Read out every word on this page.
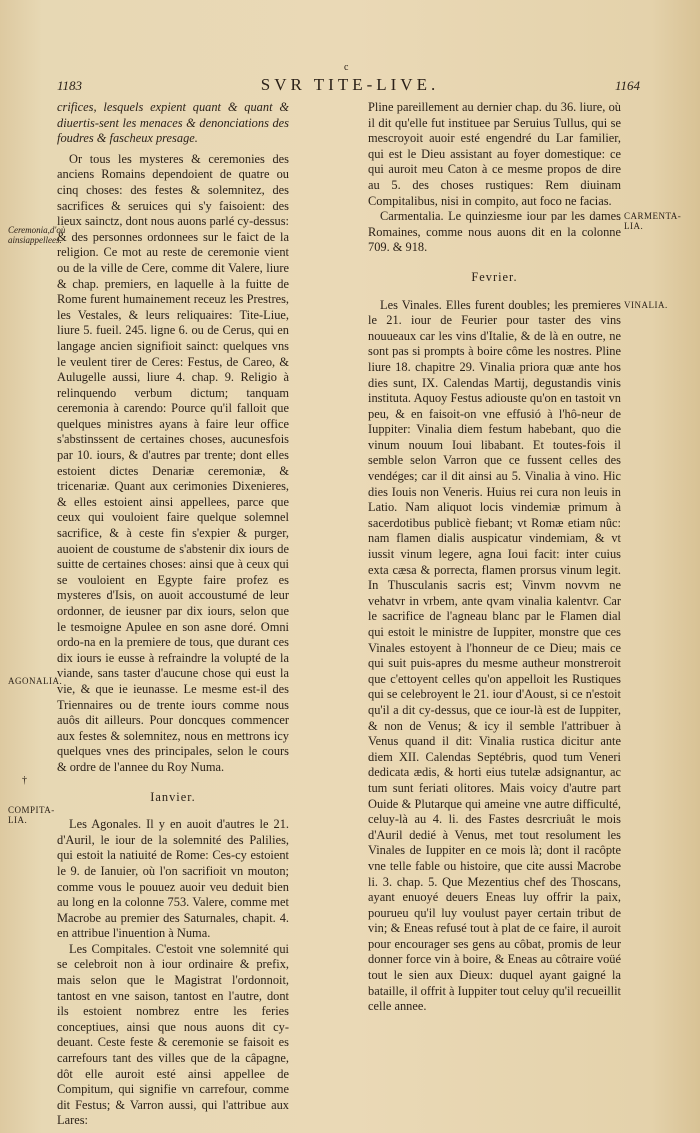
1183
c
SVR TITE-LIVE.	1164
Ceremonia,d'où ainsiappellees.
AGONALIA.
†
COMPITA-LIA.
CARMENTA-LIA.
VINALIA.

crifices, lesquels expient quant & quant & diuertis-sent les menaces & denonciations des foudres & fascheux presage.

Or tous les mysteres & ceremonies des anciens Romains dependoient de quatre ou cinq choses: des festes & solemnitez, des sacrifices & seruices qui s'y faisoient: des lieux sainctz, dont nous auons parlé cy-dessus: & des personnes ordonnees sur le faict de la religion. Ce mot au reste de ceremonie vient ou de la ville de Cere, comme dit Valere, liure & chap. premiers, en laquelle à la fuitte de Rome furent humainement receuz les Prestres, les Vestales, & leurs reliquaires: Tite-Liue, liure 5. fueil. 245. ligne 6. ou de Cerus, qui en langage ancien signifioit sainct: quelques vns le veulent tirer de Ceres: Festus, de Careo, & Aulugelle aussi, liure 4. chap. 9. Religio à relinquendo verbum dictum; tanquam ceremonia à carendo: Pource qu'il falloit que quelques ministres ayans à faire leur office s'abstinssent de certaines choses, aucunesfois par 10. iours, & d'autres par trente; dont elles estoient dictes Denariæ ceremoniæ, & tricenariæ. Quant aux cerimonies Dixenieres, & elles estoient ainsi appellees, parce que ceux qui vouloient faire quelque solemnel sacrifice, & à ceste fin s'expier & purger, auoient de coustume de s'abstenir dix iours de suitte de certaines choses: ainsi que à ceux qui se vouloient en Egypte faire profez es mysteres d'Isis, on auoit accoustumé de leur ordonner, de ieusner par dix iours, selon que le tesmoigne Apulee en son asne doré. Omni ordo-na en la premiere de tous, que durant ces dix iours ie eusse à refraindre la volupté de la viande, sans taster d'aucune chose qui eust la vie, & que ie ieunasse. Le mesme est-il des Triennaires ou de trente iours comme nous auôs dit ailleurs. Pour doncques commencer aux festes & solemnitez, nous en mettrons icy quelques vnes des principales, selon le cours & ordre de l'annee du Roy Numa.

Ianvier.

Les Agonales. Il y en auoit d'autres le 21. d'Auril, le iour de la solemnité des Palilies, qui estoit la natiuité de Rome: Ces-cy estoient le 9. de Ianuier, où l'on sacrifioit vn mouton; comme vous le pouuez auoir veu deduit bien au long en la colonne 753. Valere, comme met Macrobe au premier des Saturnales, chapit. 4. en attribue l'inuention à Numa.

Les Compitales. C'estoit vne solemnité qui se celebroit non à iour ordinaire & prefix, mais selon que le Magistrat l'ordonnoit, tantost en vne saison, tantost en l'autre, dont ils estoient nombrez entre les feries conceptiues, ainsi que nous auons dit cy-deuant. Ceste feste & ceremonie se faisoit es carrefours tant des villes que de la câpagne, dôt elle auroit esté ainsi appellee de Compitum, qui signifie vn carrefour, comme dit Festus; & Varron aussi, qui l'attribue aux Lares:

Pline pareillement au dernier chap. du 36. liure, où il dit qu'elle fut instituee par Seruius Tullus, qui se mescroyoit auoir esté engendré du Lar familier, qui est le Dieu assistant au foyer domestique: ce qui auroit meu Caton à ce mesme propos de dire au 5. des choses rustiques: Rem diuinam Compitalibus, nisi in compito, aut foco ne facias.

Carmentalia. Le quinziesme iour par les dames Romaines, comme nous auons dit en la colonne 709. & 918.

Fevrier.

Les Vinales. Elles furent doubles; les premieres le 21. iour de Feurier pour taster des vins nouueaux car les vins d'Italie, & de là en outre, ne sont pas si prompts à boire côme les nostres. Pline liure 18. chapitre 29. Vinalia priora quæ ante hos dies sunt, IX. Calendas Martij, degustandis vinis instituta. Aquoy Festus adiouste qu'on en tastoit vn peu, & en faisoit-on vne effusió à l'hô-neur de Iuppiter: Vinalia diem festum habebant, quo die vinum nouum Ioui libabant. Et toutes-fois il semble selon Varron que ce fussent celles des vendéges; car il dit ainsi au 5. Vinalia à vino. Hic dies Iouis non Veneris. Huius rei cura non leuis in Latio. Nam aliquot locis vindemiæ primum à sacerdotibus publicè fiebant; vt Romæ etiam nûc: nam flamen dialis auspicatur vindemiam, & vt iussit vinum legere, agna Ioui facit: inter cuius exta cæsa & porrecta, flamen prorsus vinum legit. In Thusculanis sacris est; Vinvm novvm ne vehatvr in vrbem, ante qvam vinalia kalentvr. Car le sacrifice de l'agneau blanc par le Flamen dial qui estoit le ministre de Iuppiter, monstre que ces Vinales estoyent à l'honneur de ce Dieu; mais ce qui suit puis-apres du mesme autheur monstreroit que c'ettoyent celles qu'on appelloit les Rustiques qui se celebroyent le 21. iour d'Aoust, si ce n'estoit qu'il a dit cy-dessus, que ce iour-là est de Iuppiter, & non de Venus; & icy il semble l'attribuer à Venus quand il dit: Vinalia rustica dicitur ante diem XII. Calendas Septébris, quod tum Veneri dedicata ædis, & horti eius tutelæ adsignantur, ac tum sunt feriati olitores. Mais voicy d'autre part Ouide & Plutarque qui ameine vne autre difficulté, celuy-là au 4. li. des Fastes desrcriuât le mois d'Auril dedié à Venus, met tout resolument les Vinales de Iuppiter en ce mois là; dont il racôpte vne telle fable ou histoire, que cite aussi Macrobe li. 3. chap. 5. Que Mezentius chef des Thoscans, ayant enuoyé deuers Eneas luy offrir la paix, pourueu qu'il luy voulust payer certain tribut de vin; & Eneas refusé tout à plat de ce faire, il auroit pour encourager ses gens au côbat, promis de leur donner force vin à boire, & Eneas au côtraire voüé tout le sien aux Dieux: duquel ayant gaigné la bataille, il offrit à Iuppiter tout celuy qu'il recueillit celle annee.
